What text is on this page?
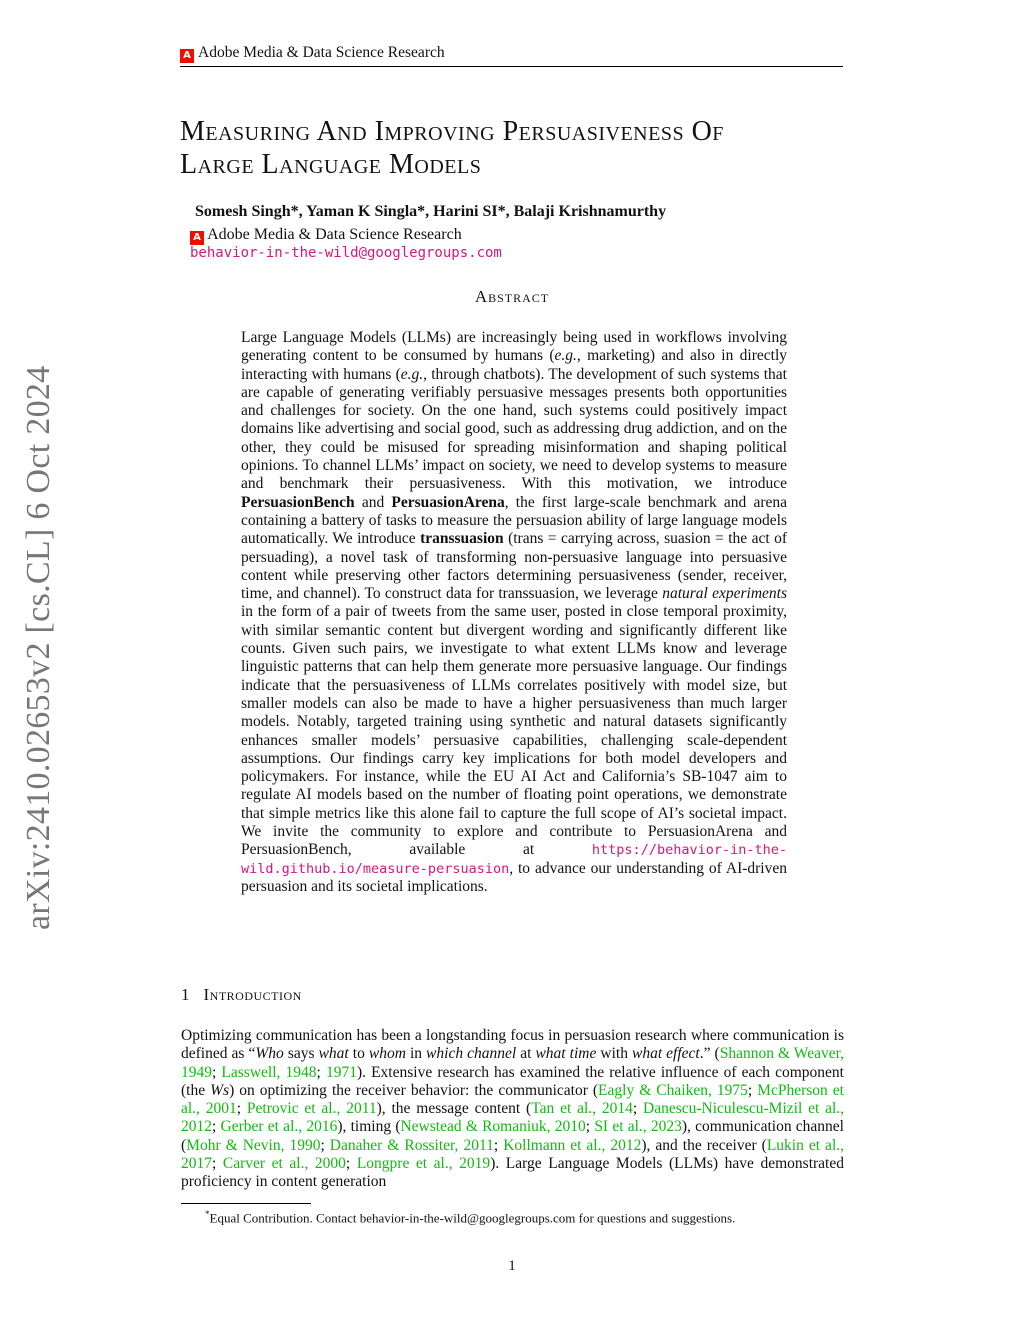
A Adobe Media & Data Science Research
arXiv:2410.02653v2 [cs.CL] 6 Oct 2024
Measuring And Improving Persuasiveness Of
Large Language Models
Somesh Singh*, Yaman K Singla*, Harini SI*, Balaji Krishnamurthy
A Adobe Media & Data Science Research
behavior-in-the-wild@googlegroups.com
Abstract
Large Language Models (LLMs) are increasingly being used in workflows involving generating content to be consumed by humans (e.g., marketing) and also in directly interacting with humans (e.g., through chatbots). The development of such systems that are capable of generating verifiably persuasive messages presents both opportunities and challenges for society. On the one hand, such systems could positively impact domains like advertising and social good, such as addressing drug addiction, and on the other, they could be misused for spreading misinformation and shaping political opinions. To channel LLMs’ impact on society, we need to develop systems to measure and benchmark their persuasiveness. With this motivation, we introduce PersuasionBench and PersuasionArena, the first large-scale benchmark and arena containing a battery of tasks to measure the persuasion ability of large language models automatically. We introduce transsuasion (trans = carrying across, suasion = the act of persuading), a novel task of transforming non-persuasive language into persuasive content while preserving other factors determining persuasiveness (sender, receiver, time, and channel). To construct data for transsuasion, we leverage natural experiments in the form of a pair of tweets from the same user, posted in close temporal proximity, with similar semantic content but divergent wording and significantly different like counts. Given such pairs, we investigate to what extent LLMs know and leverage linguistic patterns that can help them generate more persuasive language. Our findings indicate that the persuasiveness of LLMs correlates positively with model size, but smaller models can also be made to have a higher persuasiveness than much larger models. Notably, targeted training using synthetic and natural datasets significantly enhances smaller models’ persuasive capabilities, challenging scale-dependent assumptions. Our findings carry key implications for both model developers and policymakers. For instance, while the EU AI Act and California’s SB-1047 aim to regulate AI models based on the number of floating point operations, we demonstrate that simple metrics like this alone fail to capture the full scope of AI’s societal impact. We invite the community to explore and contribute to PersuasionArena and PersuasionBench, available at https://behavior-in-the-wild.github.io/measure-persuasion, to advance our understanding of AI-driven persuasion and its societal implications.
1 Introduction
Optimizing communication has been a longstanding focus in persuasion research where communication is defined as “Who says what to whom in which channel at what time with what effect.” (Shannon & Weaver, 1949; Lasswell, 1948; 1971). Extensive research has examined the relative influence of each component (the Ws) on optimizing the receiver behavior: the communicator (Eagly & Chaiken, 1975; McPherson et al., 2001; Petrovic et al., 2011), the message content (Tan et al., 2014; Danescu-Niculescu-Mizil et al., 2012; Gerber et al., 2016), timing (Newstead & Romaniuk, 2010; SI et al., 2023), communication channel (Mohr & Nevin, 1990; Danaher & Rossiter, 2011; Kollmann et al., 2012), and the receiver (Lukin et al., 2017; Carver et al., 2000; Longpre et al., 2019). Large Language Models (LLMs) have demonstrated proficiency in content generation
*Equal Contribution. Contact behavior-in-the-wild@googlegroups.com for questions and suggestions.
1
